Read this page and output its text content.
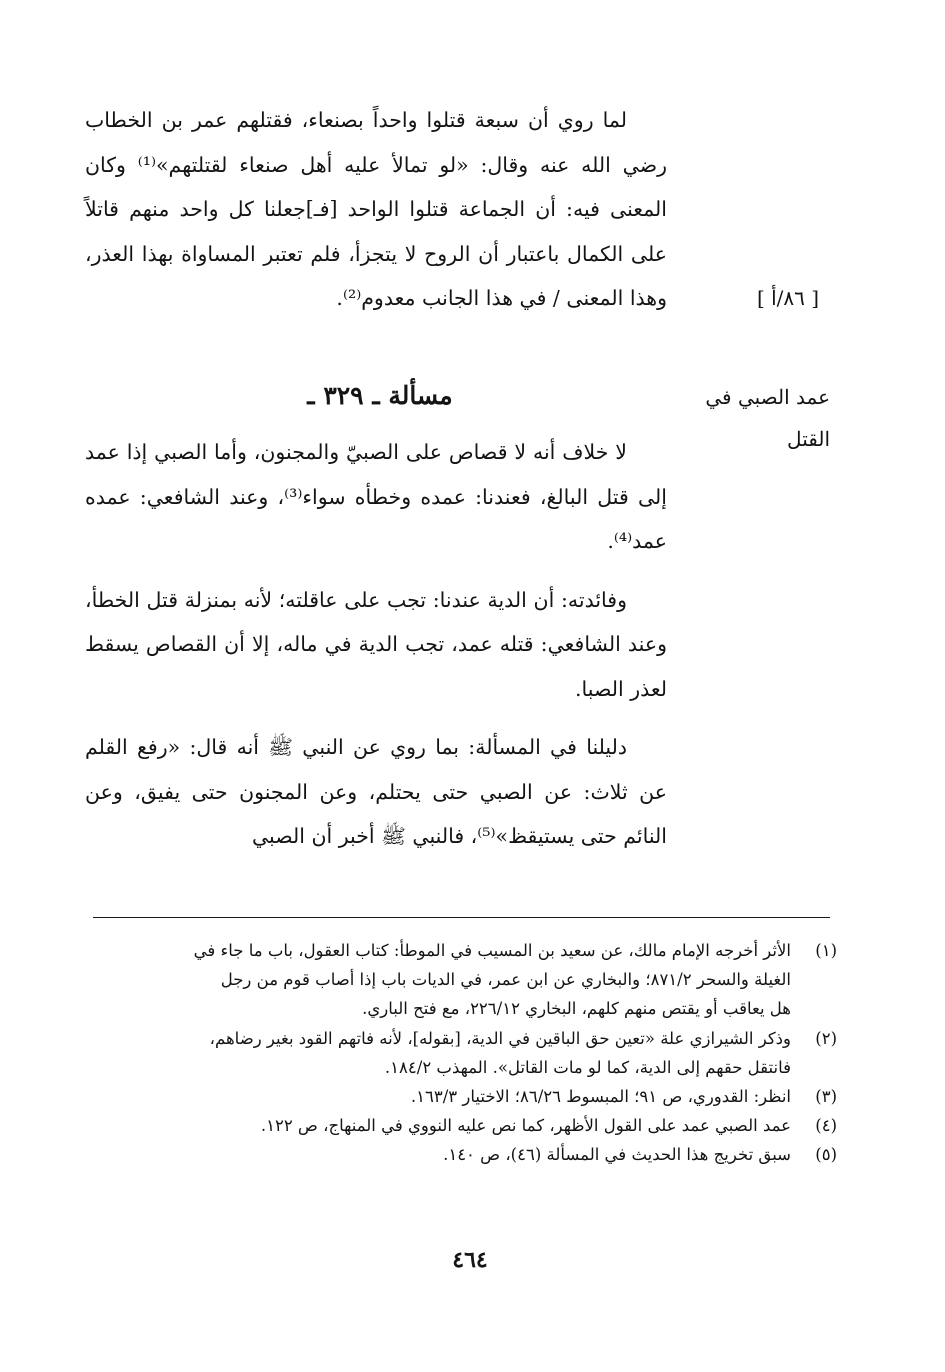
لما روي أن سبعة قتلوا واحداً بصنعاء، فقتلهم عمر بن الخطاب رضي الله عنه وقال: «لو تمالأ عليه أهل صنعاء لقتلتهم»⁽¹⁾ وكان المعنى فيه: أن الجماعة قتلوا الواحد [فـ]جعلنا كل واحد منهم قاتلاً على الكمال باعتبار أن الروح لا يتجزأ، فلم تعتبر المساواة بهذا العذر، وهذا المعنى / في هذا الجانب معدوم⁽²⁾.	[ ٨٦/أ ]
عمد الصبي في
القتل
مسألة ـ ٣٢٩ ـ

لا خلاف أنه لا قصاص على الصبيّ والمجنون، وأما الصبي إذا عمد إلى قتل البالغ، فعندنا: عمده وخطأه سواء⁽³⁾، وعند الشافعي: عمده عمد⁽⁴⁾.

وفائدته: أن الدية عندنا: تجب على عاقلته؛ لأنه بمنزلة قتل الخطأ، وعند الشافعي: قتله عمد، تجب الدية في ماله، إلا أن القصاص يسقط لعذر الصبا.

دليلنا في المسألة: بما روي عن النبي ﷺ أنه قال: «رفع القلم عن ثلاث: عن الصبي حتى يحتلم، وعن المجنون حتى يفيق، وعن النائم حتى يستيقظ»⁽⁵⁾، فالنبي ﷺ أخبر أن الصبي

(١)
الأثر أخرجه الإمام مالك، عن سعيد بن المسيب في الموطأ: كتاب العقول، باب ما جاء في
الغيلة والسحر ٨٧١/٢؛ والبخاري عن ابن عمر، في الديات باب إذا أصاب قوم من رجل
هل يعاقب أو يقتص منهم كلهم، البخاري ٢٢٦/١٢، مع فتح الباري.
(٢)
وذكر الشيرازي علة «تعين حق الباقين في الدية، [بقوله]، لأنه فاتهم القود بغير رضاهم،
فانتقل حقهم إلى الدية، كما لو مات القاتل». المهذب ١٨٤/٢.
(٣)
انظر: القدوري، ص ٩١؛ المبسوط ٨٦/٢٦؛ الاختيار ١٦٣/٣.
(٤)
عمد الصبي عمد على القول الأظهر، كما نص عليه النووي في المنهاج، ص ١٢٢.
(٥)
سبق تخريج هذا الحديث في المسألة (٤٦)، ص ١٤٠.
٤٦٤
